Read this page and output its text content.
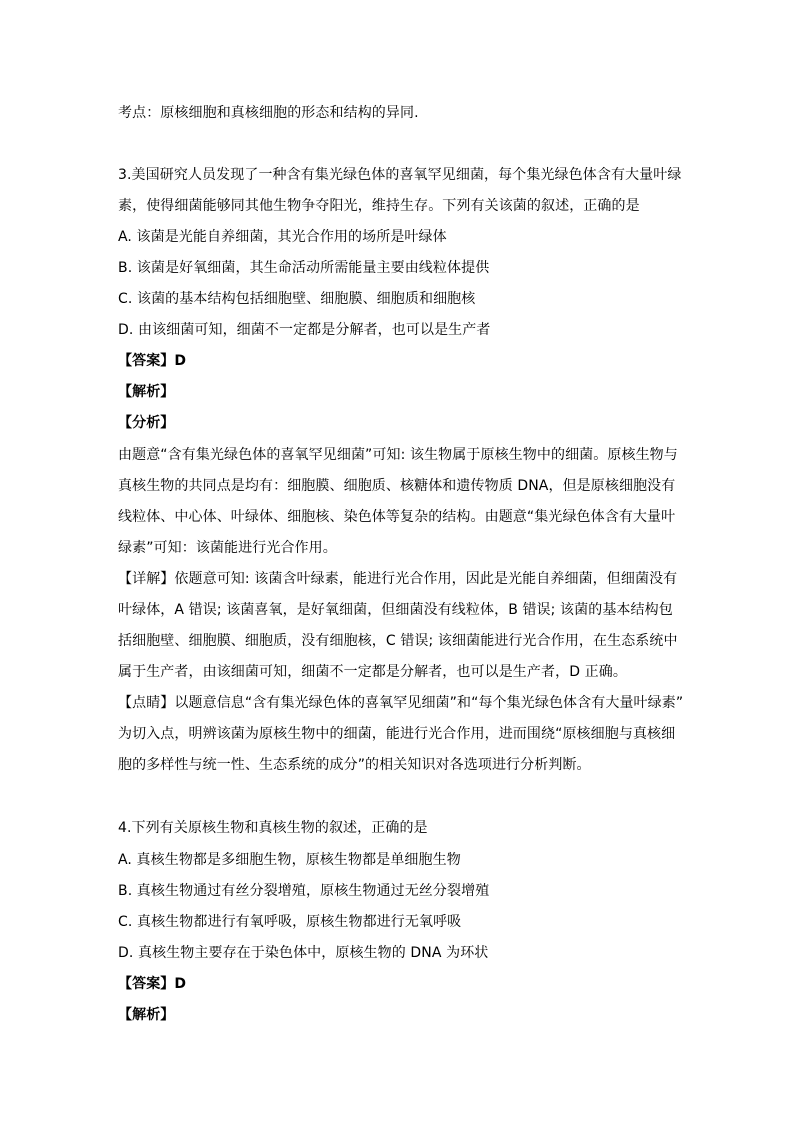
考点：原核细胞和真核细胞的形态和结构的异同.
3.美国研究人员发现了一种含有集光绿色体的喜氧罕见细菌，每个集光绿色体含有大量叶绿
素，使得细菌能够同其他生物争夺阳光，维持生存。下列有关该菌的叙述，正确的是
A. 该菌是光能自养细菌，其光合作用的场所是叶绿体
B. 该菌是好氧细菌，其生命活动所需能量主要由线粒体提供
C. 该菌的基本结构包括细胞壁、细胞膜、细胞质和细胞核
D. 由该细菌可知，细菌不一定都是分解者，也可以是生产者
【答案】D
【解析】
【分析】
由题意“含有集光绿色体的喜氧罕见细菌”可知: 该生物属于原核生物中的细菌。原核生物与
真核生物的共同点是均有：细胞膜、细胞质、核糖体和遗传物质 DNA，但是原核细胞没有
线粒体、中心体、叶绿体、细胞核、染色体等复杂的结构。由题意“集光绿色体含有大量叶
绿素”可知：该菌能进行光合作用。
【详解】依题意可知: 该菌含叶绿素，能进行光合作用，因此是光能自养细菌，但细菌没有
叶绿体，A 错误; 该菌喜氧，是好氧细菌，但细菌没有线粒体，B 错误; 该菌的基本结构包
括细胞壁、细胞膜、细胞质，没有细胞核，C 错误; 该细菌能进行光合作用，在生态系统中
属于生产者，由该细菌可知，细菌不一定都是分解者，也可以是生产者，D 正确。
【点睛】以题意信息“含有集光绿色体的喜氧罕见细菌”和“每个集光绿色体含有大量叶绿素”
为切入点，明辨该菌为原核生物中的细菌，能进行光合作用，进而围绕“原核细胞与真核细
胞的多样性与统一性、生态系统的成分”的相关知识对各选项进行分析判断。
4.下列有关原核生物和真核生物的叙述，正确的是
A. 真核生物都是多细胞生物，原核生物都是单细胞生物
B. 真核生物通过有丝分裂增殖，原核生物通过无丝分裂增殖
C. 真核生物都进行有氧呼吸，原核生物都进行无氧呼吸
D. 真核生物主要存在于染色体中，原核生物的 DNA 为环状
【答案】D
【解析】
